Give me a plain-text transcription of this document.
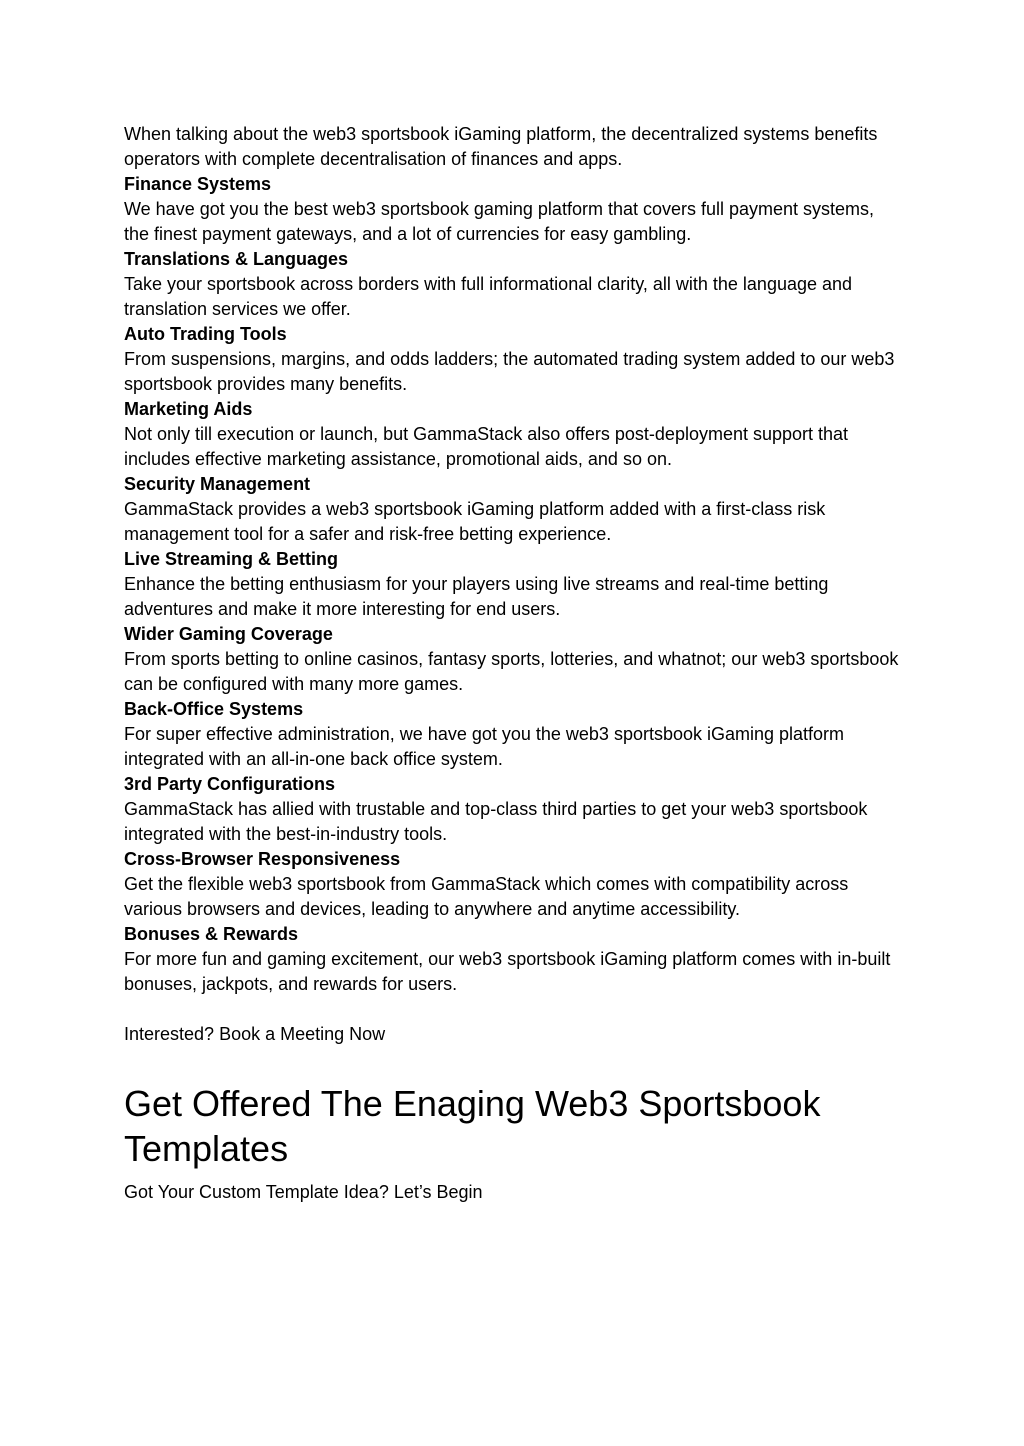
When talking about the web3 sportsbook iGaming platform, the decentralized systems benefits operators with complete decentralisation of finances and apps.

Finance Systems

We have got you the best web3 sportsbook gaming platform that covers full payment systems, the finest payment gateways, and a lot of currencies for easy gambling.

Translations & Languages

Take your sportsbook across borders with full informational clarity, all with the language and translation services we offer.

Auto Trading Tools

From suspensions, margins, and odds ladders; the automated trading system added to our web3 sportsbook provides many benefits.

Marketing Aids

Not only till execution or launch, but GammaStack also offers post-deployment support that includes effective marketing assistance, promotional aids, and so on.

Security Management

GammaStack provides a web3 sportsbook iGaming platform added with a first-class risk management tool for a safer and risk-free betting experience.

Live Streaming & Betting

Enhance the betting enthusiasm for your players using live streams and real-time betting adventures and make it more interesting for end users.

Wider Gaming Coverage

From sports betting to online casinos, fantasy sports, lotteries, and whatnot; our web3 sportsbook can be configured with many more games.

Back-Office Systems

For super effective administration, we have got you the web3 sportsbook iGaming platform integrated with an all-in-one back office system.

3rd Party Configurations

GammaStack has allied with trustable and top-class third parties to get your web3 sportsbook integrated with the best-in-industry tools.

Cross-Browser Responsiveness

Get the flexible web3 sportsbook from GammaStack which comes with compatibility across various browsers and devices, leading to anywhere and anytime accessibility.

Bonuses & Rewards

For more fun and gaming excitement, our web3 sportsbook iGaming platform comes with in-built bonuses, jackpots, and rewards for users.

Interested? Book a Meeting Now

Get Offered The Enaging Web3 Sportsbook Templates

Got Your Custom Template Idea? Let’s Begin
